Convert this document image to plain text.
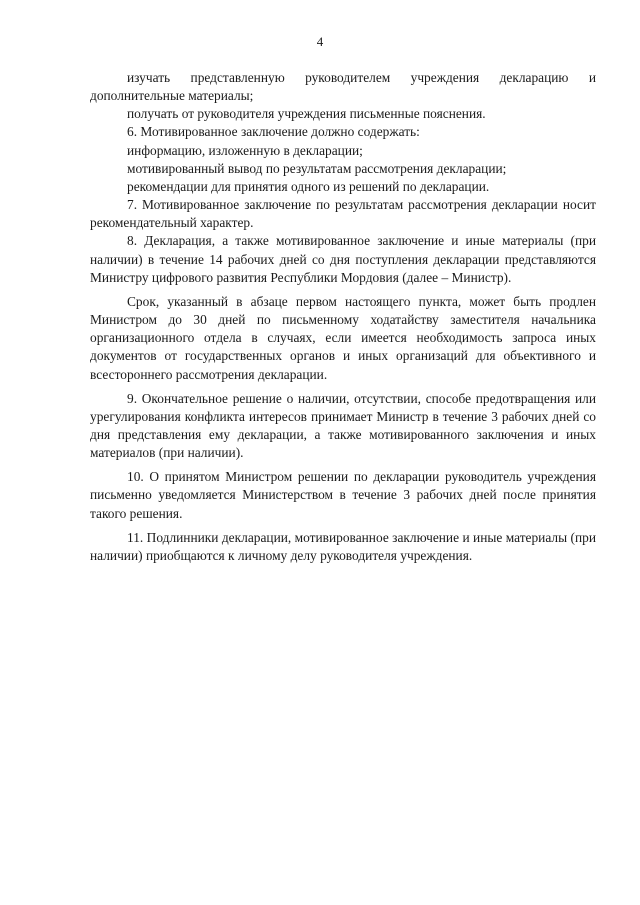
4

изучать представленную руководителем учреждения декларацию и дополнительные материалы;

получать от руководителя учреждения письменные пояснения.

6. Мотивированное заключение должно содержать:

информацию, изложенную в декларации;

мотивированный вывод по результатам рассмотрения декларации;

рекомендации для принятия одного из решений по декларации.

7. Мотивированное заключение по результатам рассмотрения декларации носит рекомендательный характер.

8. Декларация, а также мотивированное заключение и иные материалы (при наличии) в течение 14 рабочих дней со дня поступления декларации представляются Министру цифрового развития Республики Мордовия (далее – Министр).

Срок, указанный в абзаце первом настоящего пункта, может быть продлен Министром до 30 дней по письменному ходатайству заместителя начальника организационного отдела в случаях, если имеется необходимость запроса иных документов от государственных органов и иных организаций для объективного и всестороннего рассмотрения декларации.

9. Окончательное решение о наличии, отсутствии, способе предотвращения или урегулирования конфликта интересов принимает Министр в течение 3 рабочих дней со дня представления ему декларации, а также мотивированного заключения и иных материалов (при наличии).

10. О принятом Министром решении по декларации руководитель учреждения письменно уведомляется Министерством в течение 3 рабочих дней после принятия такого решения.

11. Подлинники декларации, мотивированное заключение и иные материалы (при наличии) приобщаются к личному делу руководителя учреждения.
